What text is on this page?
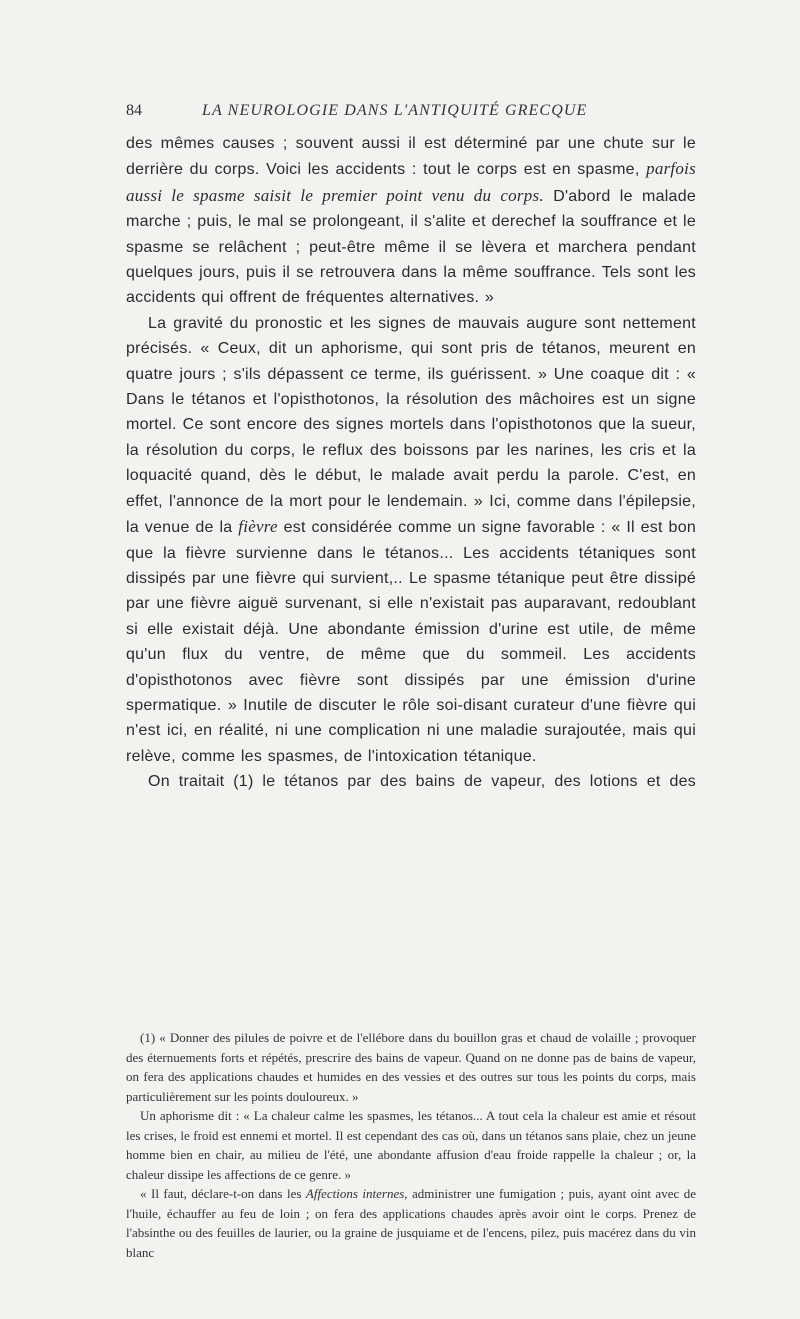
84	LA NEUROLOGIE DANS L'ANTIQUITÉ GRECQUE

des mêmes causes ; souvent aussi il est déterminé par une chute sur le derrière du corps. Voici les accidents : tout le corps est en spasme, parfois aussi le spasme saisit le premier point venu du corps. D'abord le malade marche ; puis, le mal se prolongeant, il s'alite et derechef la souffrance et le spasme se relâchent ; peut-être même il se lèvera et marchera pendant quelques jours, puis il se retrouvera dans la même souffrance. Tels sont les accidents qui offrent de fréquentes alternatives. »

La gravité du pronostic et les signes de mauvais augure sont nettement précisés. « Ceux, dit un aphorisme, qui sont pris de tétanos, meurent en quatre jours ; s'ils dépassent ce terme, ils guérissent. » Une coaque dit : « Dans le tétanos et l'opisthotonos, la résolution des mâchoires est un signe mortel. Ce sont encore des signes mortels dans l'opisthotonos que la sueur, la résolution du corps, le reflux des boissons par les narines, les cris et la loquacité quand, dès le début, le malade avait perdu la parole. C'est, en effet, l'annonce de la mort pour le lendemain. » Ici, comme dans l'épilepsie, la venue de la fièvre est considérée comme un signe favorable : « Il est bon que la fièvre survienne dans le tétanos... Les accidents tétaniques sont dissipés par une fièvre qui survient,.. Le spasme tétanique peut être dissipé par une fièvre aiguë survenant, si elle n'existait pas auparavant, redoublant si elle existait déjà. Une abondante émission d'urine est utile, de même qu'un flux du ventre, de même que du sommeil. Les accidents d'opisthotonos avec fièvre sont dissipés par une émission d'urine spermatique. » Inutile de discuter le rôle soi-disant curateur d'une fièvre qui n'est ici, en réalité, ni une complication ni une maladie surajoutée, mais qui relève, comme les spasmes, de l'intoxication tétanique.

On traitait (1) le tétanos par des bains de vapeur, des lotions et des

(1) « Donner des pilules de poivre et de l'ellébore dans du bouillon gras et chaud de volaille ; provoquer des éternuements forts et répétés, prescrire des bains de vapeur. Quand on ne donne pas de bains de vapeur, on fera des applications chaudes et humides en des vessies et des outres sur tous les points du corps, mais particulièrement sur les points douloureux. »

Un aphorisme dit : « La chaleur calme les spasmes, les tétanos... A tout cela la chaleur est amie et résout les crises, le froid est ennemi et mortel. Il est cependant des cas où, dans un tétanos sans plaie, chez un jeune homme bien en chair, au milieu de l'été, une abondante affusion d'eau froide rappelle la chaleur ; or, la chaleur dissipe les affections de ce genre. »

« Il faut, déclare-t-on dans les Affections internes, administrer une fumigation ; puis, ayant oint avec de l'huile, échauffer au feu de loin ; on fera des applications chaudes après avoir oint le corps. Prenez de l'absinthe ou des feuilles de laurier, ou la graine de jusquiame et de l'encens, pilez, puis macérez dans du vin blanc
